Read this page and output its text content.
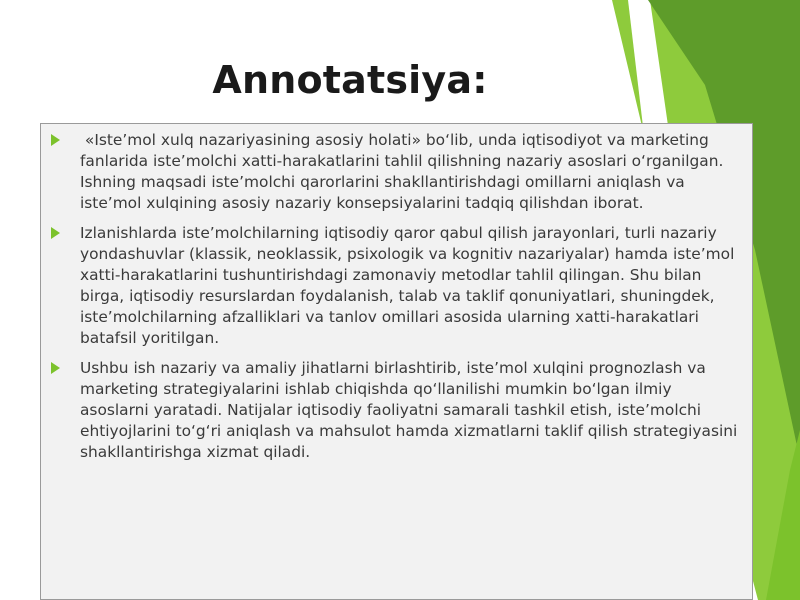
Annotatsiya:
«Iste’mol xulq nazariyasining asosiy holati» bo‘lib, unda iqtisodiyot va marketing fanlarida iste’molchi xatti-harakatlarini tahlil qilishning nazariy asoslari o‘rganilgan. Ishning maqsadi iste’molchi qarorlarini shakllantirishdagi omillarni aniqlash va iste’mol xulqining asosiy nazariy konsepsiyalarini tadqiq qilishdan iborat.
Izlanishlarda iste’molchilarning iqtisodiy qaror qabul qilish jarayonlari, turli nazariy yondashuvlar (klassik, neoklassik, psixologik va kognitiv nazariyalar) hamda iste’mol xatti-harakatlarini tushuntirishdagi zamonaviy metodlar tahlil qilingan. Shu bilan birga, iqtisodiy resurslardan foydalanish, talab va taklif qonuniyatlari, shuningdek, iste’molchilarning afzalliklari va tanlov omillari asosida ularning xatti-harakatlari batafsil yoritilgan.
Ushbu ish nazariy va amaliy jihatlarni birlashtirib, iste’mol xulqini prognozlash va marketing strategiyalarini ishlab chiqishda qo‘llanilishi mumkin bo‘lgan ilmiy asoslarni yaratadi. Natijalar iqtisodiy faoliyatni samarali tashkil etish, iste’molchi ehtiyojlarini to‘g‘ri aniqlash va mahsulot hamda xizmatlarni taklif qilish strategiyasini shakllantirishga xizmat qiladi.
